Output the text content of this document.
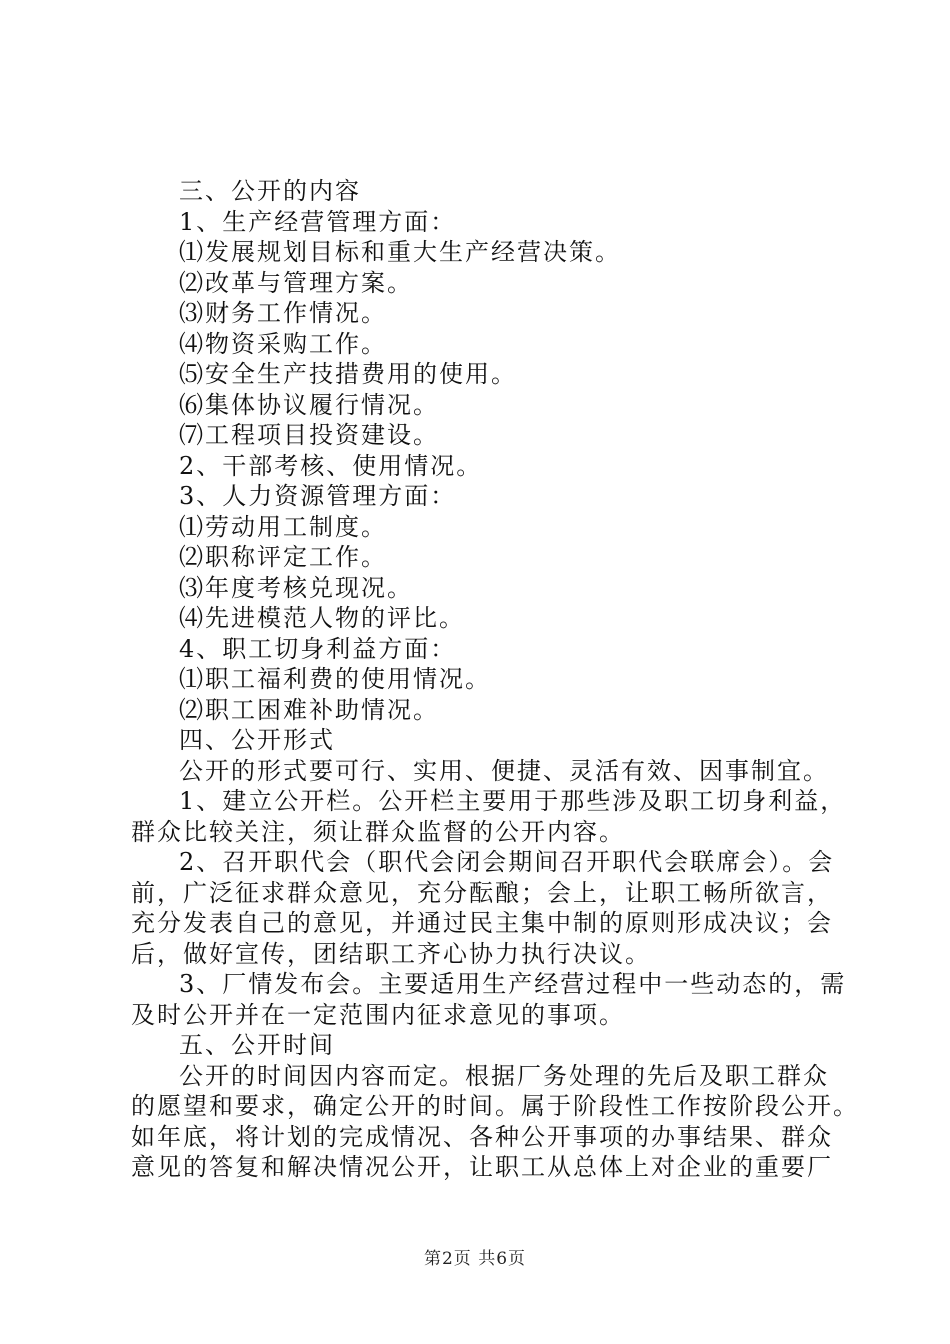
三、公开的内容
1、生产经营管理方面：
⑴发展规划目标和重大生产经营决策。
⑵改革与管理方案。
⑶财务工作情况。
⑷物资采购工作。
⑸安全生产技措费用的使用。
⑹集体协议履行情况。
⑺工程项目投资建设。
2、干部考核、使用情况。
3、人力资源管理方面：
⑴劳动用工制度。
⑵职称评定工作。
⑶年度考核兑现况。
⑷先进模范人物的评比。
4、职工切身利益方面：
⑴职工福利费的使用情况。
⑵职工困难补助情况。
四、公开形式
公开的形式要可行、实用、便捷、灵活有效、因事制宜。
1、建立公开栏。公开栏主要用于那些涉及职工切身利益，
群众比较关注，须让群众监督的公开内容。
2、召开职代会（职代会闭会期间召开职代会联席会）。会
前，广泛征求群众意见，充分酝酿；会上，让职工畅所欲言，
充分发表自己的意见，并通过民主集中制的原则形成决议；会
后，做好宣传，团结职工齐心协力执行决议。
3、厂情发布会。主要适用生产经营过程中一些动态的，需
及时公开并在一定范围内征求意见的事项。
五、公开时间
公开的时间因内容而定。根据厂务处理的先后及职工群众
的愿望和要求，确定公开的时间。属于阶段性工作按阶段公开。
如年底，将计划的完成情况、各种公开事项的办事结果、群众
意见的答复和解决情况公开，让职工从总体上对企业的重要厂
第2页 共6页
